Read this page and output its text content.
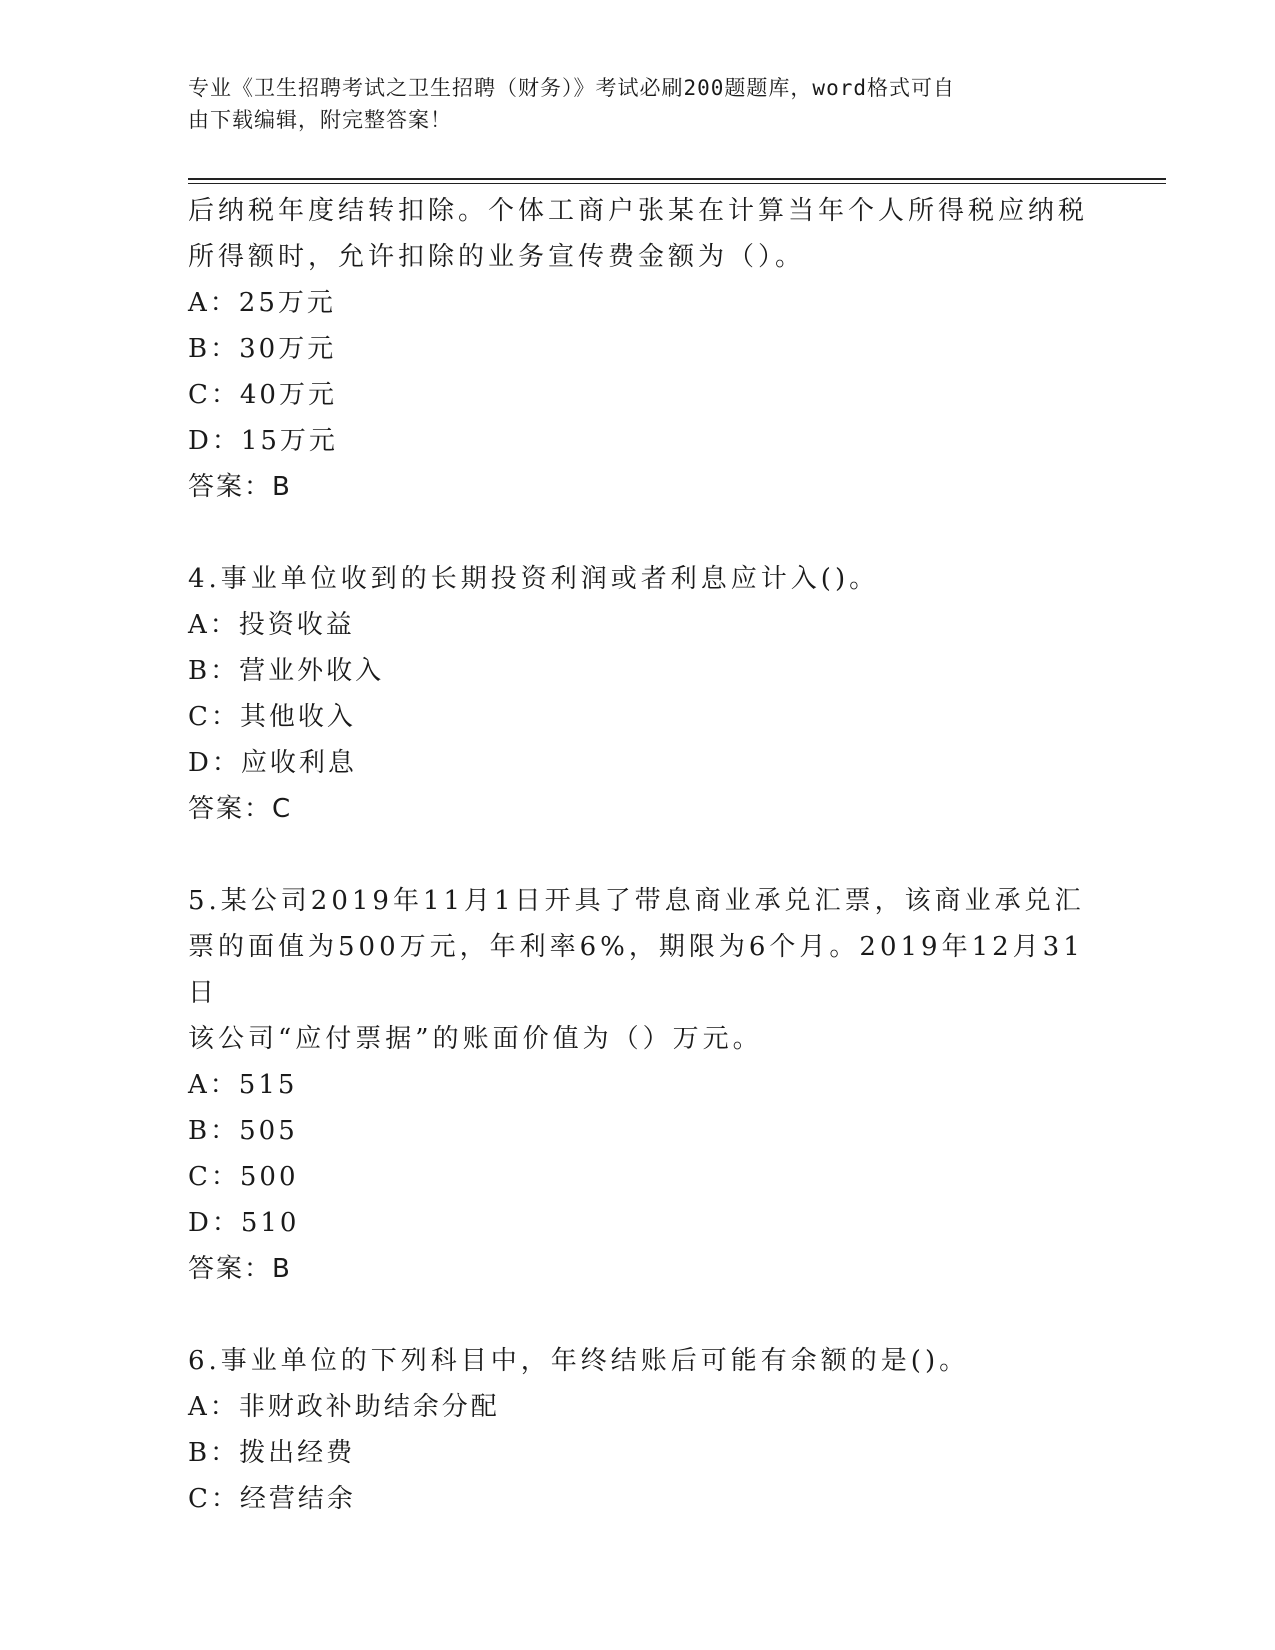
专业《卫生招聘考试之卫生招聘（财务）》考试必刷200题题库，word格式可自
由下载编辑，附完整答案！

后纳税年度结转扣除。个体工商户张某在计算当年个人所得税应纳税

所得额时，允许扣除的业务宣传费金额为（）。

A：25万元

B：30万元

C：40万元

D：15万元

答案：B

4.事业单位收到的长期投资利润或者利息应计入()。

A：投资收益

B：营业外收入

C：其他收入

D：应收利息

答案：C

5.某公司2019年11月1日开具了带息商业承兑汇票，该商业承兑汇

票的面值为500万元，年利率6%，期限为6个月。2019年12月31日

该公司“应付票据”的账面价值为（）万元。

A：515

B：505

C：500

D：510

答案：B

6.事业单位的下列科目中，年终结账后可能有余额的是()。

A：非财政补助结余分配

B：拨出经费

C：经营结余
